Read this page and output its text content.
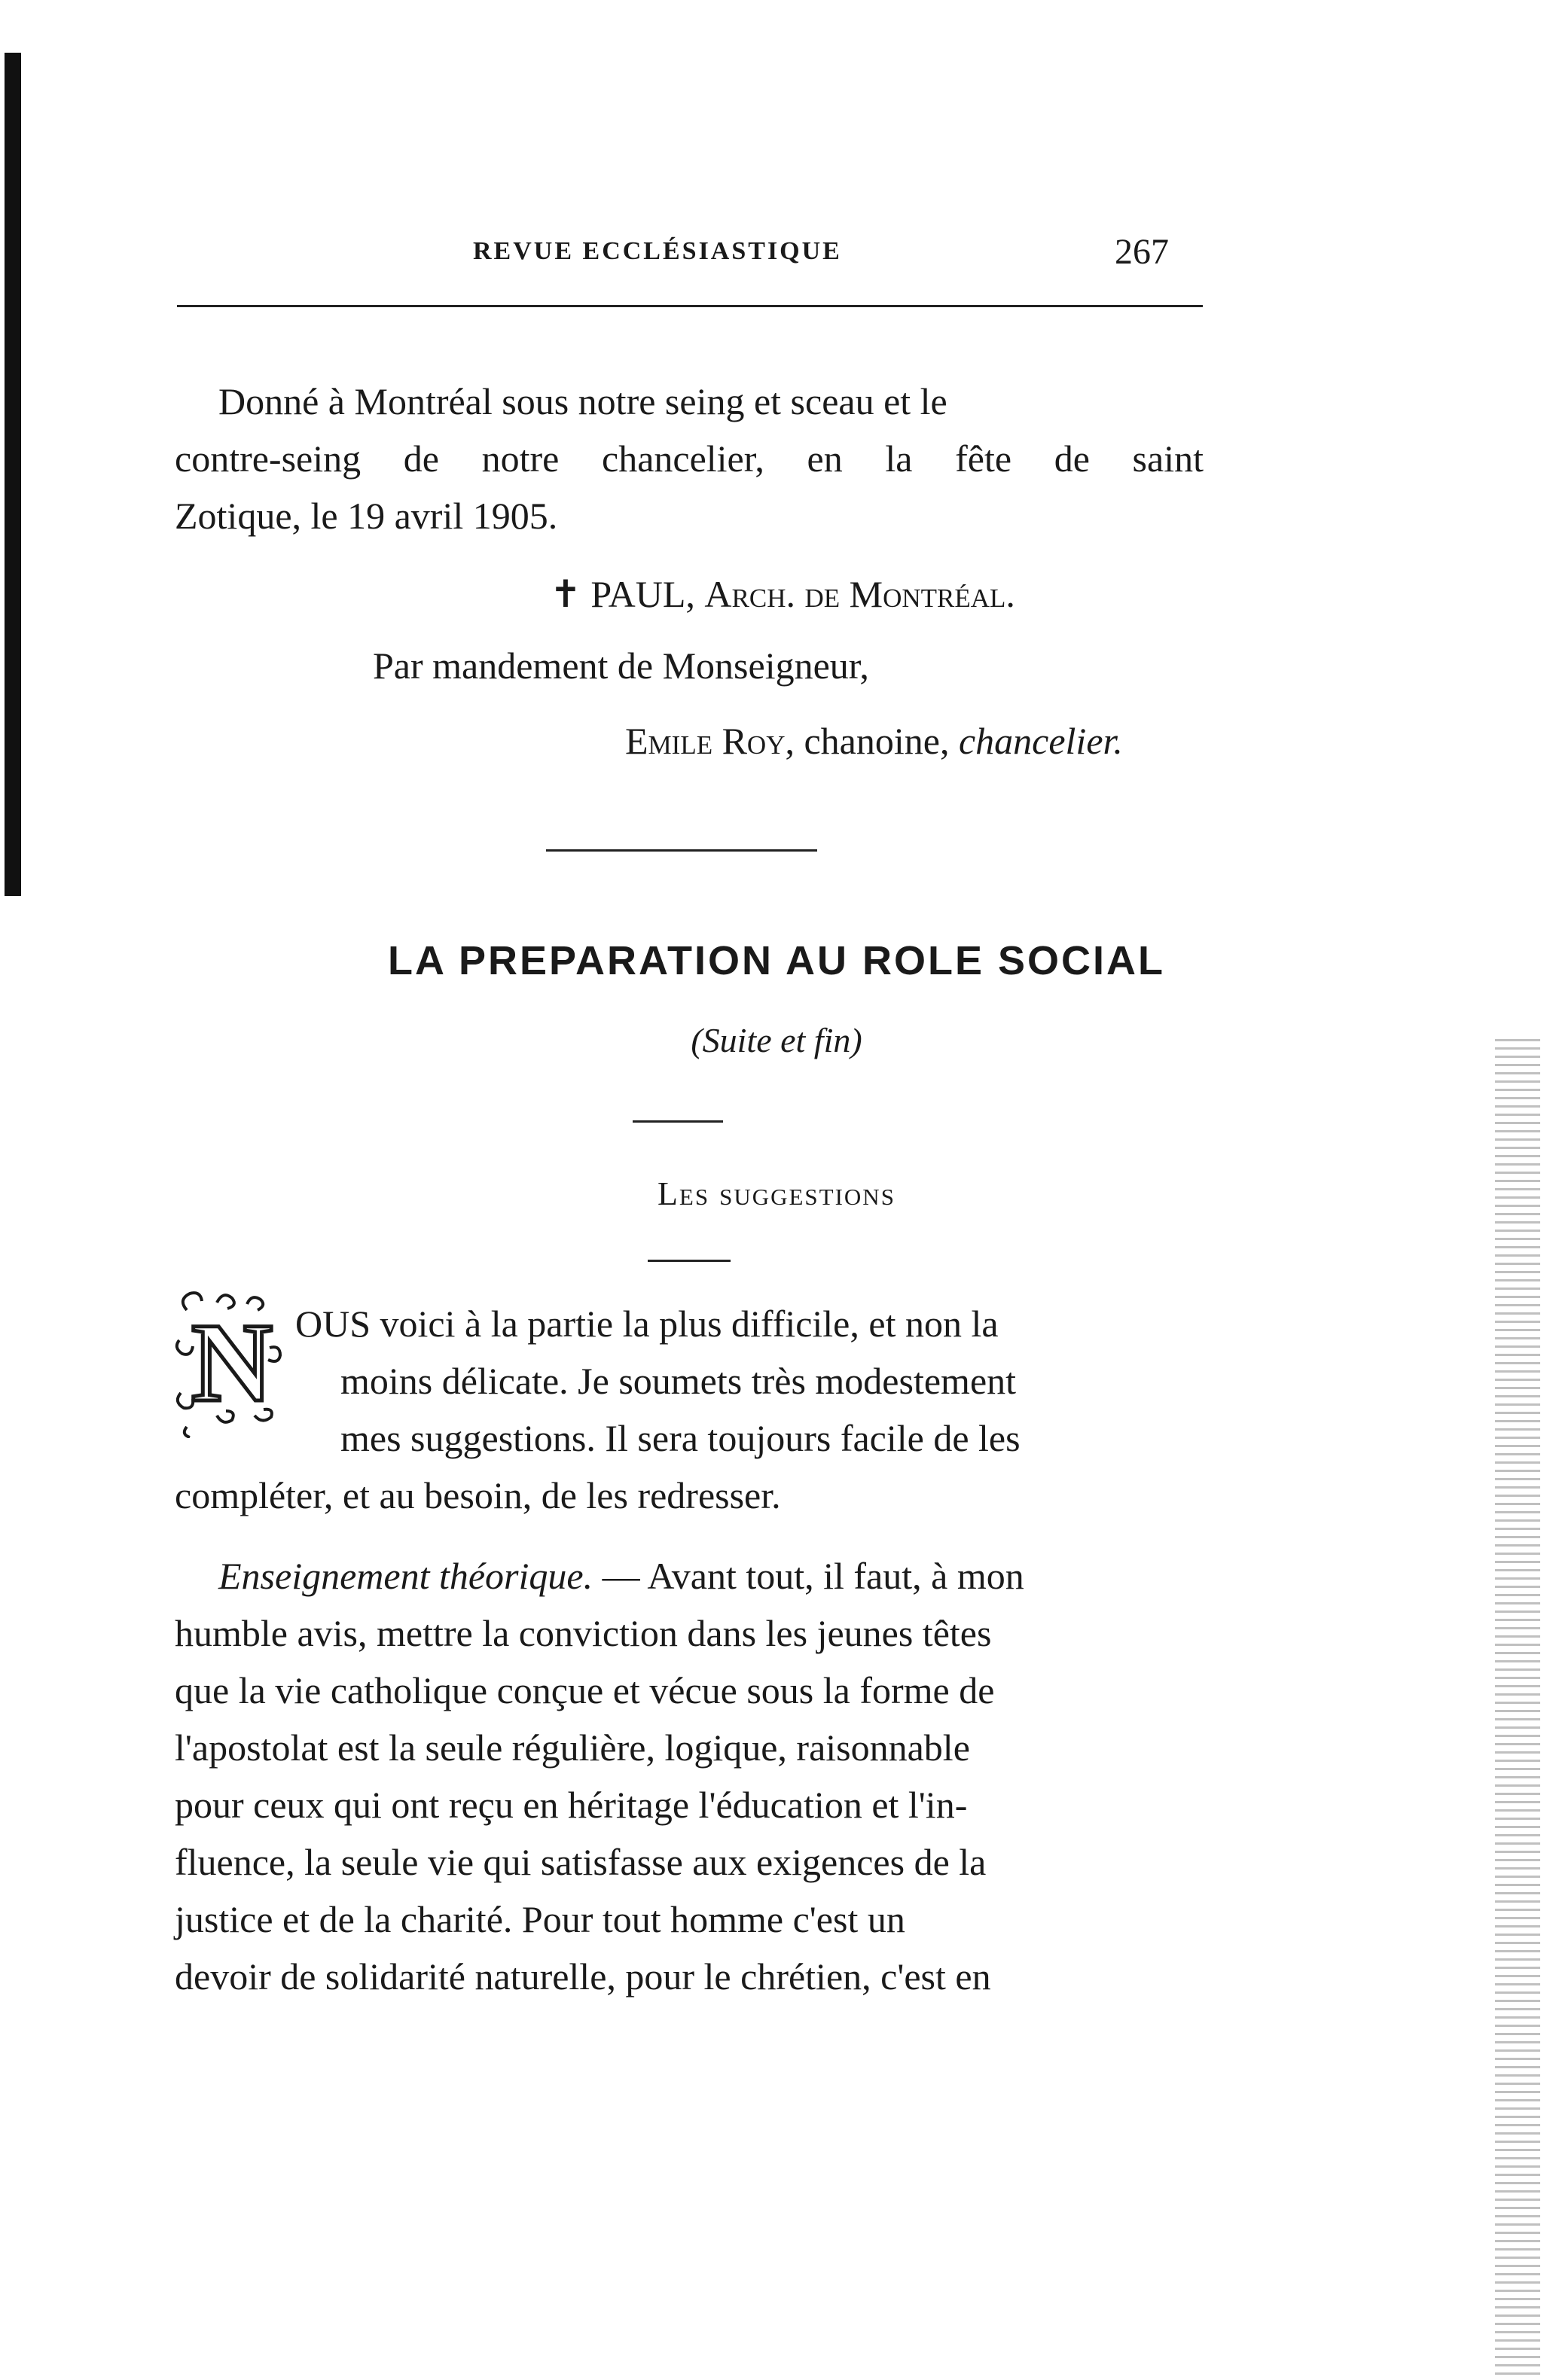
REVUE ECCLÉSIASTIQUE	267

Donné à Montréal sous notre seing et sceau et le
contre-seing de notre chancelier, en la fête de saint
Zotique, le 19 avril 1905.

✝ PAUL, Arch. de Montréal.
Par mandement de Monseigneur,
Emile Roy, chanoine, chancelier.
LA PREPARATION AU ROLE SOCIAL
(Suite et fin)
Les suggestions
N OUS voici à la partie la plus difficile, et non la
moins délicate. Je soumets très modestement
mes suggestions. Il sera toujours facile de les
compléter, et au besoin, de les redresser.

Enseignement théorique. — Avant tout, il faut, à mon
humble avis, mettre la conviction dans les jeunes têtes
que la vie catholique conçue et vécue sous la forme de
l'apostolat est la seule régulière, logique, raisonnable
pour ceux qui ont reçu en héritage l'éducation et l'in-
fluence, la seule vie qui satisfasse aux exigences de la
justice et de la charité. Pour tout homme c'est un
devoir de solidarité naturelle, pour le chrétien, c'est en
